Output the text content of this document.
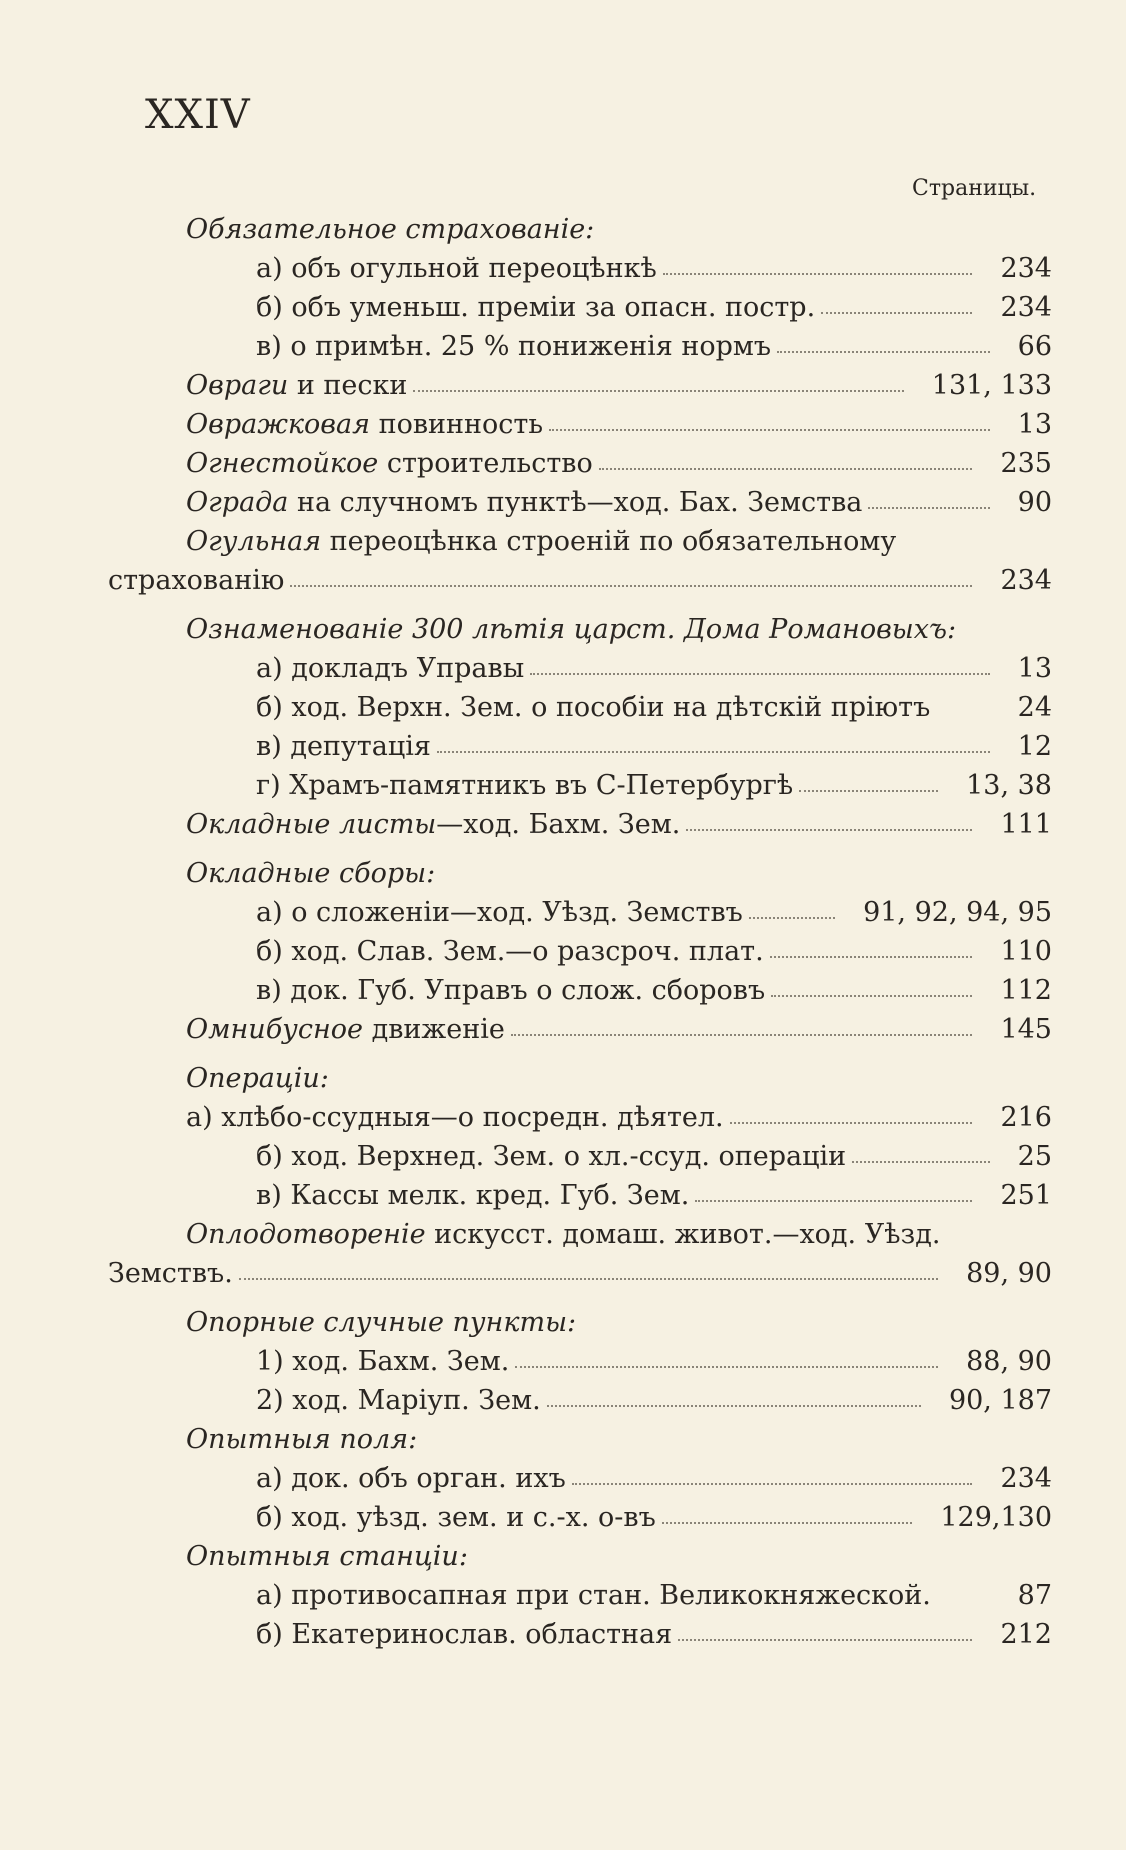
XXIV
Страницы.
Обязательное страхованіе:
а) объ огульной переоцѣнкѣ	234
б) объ уменьш. преміи за опасн. постр.	234
в) о примѣн. 25 % пониженія нормъ	66
Овраги и пески	131, 133
Овражковая повинность	13
Огнестойкое строительство	235
Ограда на случномъ пунктѣ—ход. Бах. Земства	90
Огульная переоцѣнка строеній по обязательному
страхованію	234
Ознаменованіе 300 лѣтія царст. Дома Романовыхъ:
а) докладъ Управы	13
б) ход. Верхн. Зем. о пособіи на дѣтскій пріютъ	24
в) депутація	12
г) Храмъ-памятникъ въ С-Петербургѣ	13, 38
Окладные листы—ход. Бахм. Зем.	111
Окладные сборы:
а) о сложеніи—ход. Уѣзд. Земствъ	91, 92, 94, 95
б) ход. Слав. Зем.—о разсроч. плат.	110
в) док. Губ. Управъ о слож. сборовъ	112
Омнибусное движеніе	145
Операціи:
а) хлѣбо-ссудныя—о посредн. дѣятел.	216
б) ход. Верхнед. Зем. о хл.-ссуд. операціи	25
в) Кассы мелк. кред. Губ. Зем.	251
Оплодотвореніе искусст. домаш. живот.—ход. Уѣзд.
Земствъ.	89, 90
Опорные случные пункты:
1) ход. Бахм. Зем.	88, 90
2) ход. Маріуп. Зем.	90, 187
Опытныя поля:
а) док. объ орган. ихъ	234
б) ход. уѣзд. зем. и с.-х. о-въ	129,130
Опытныя станціи:
а) противосапная при стан. Великокняжеской.	87
б) Екатеринослав. областная	212
